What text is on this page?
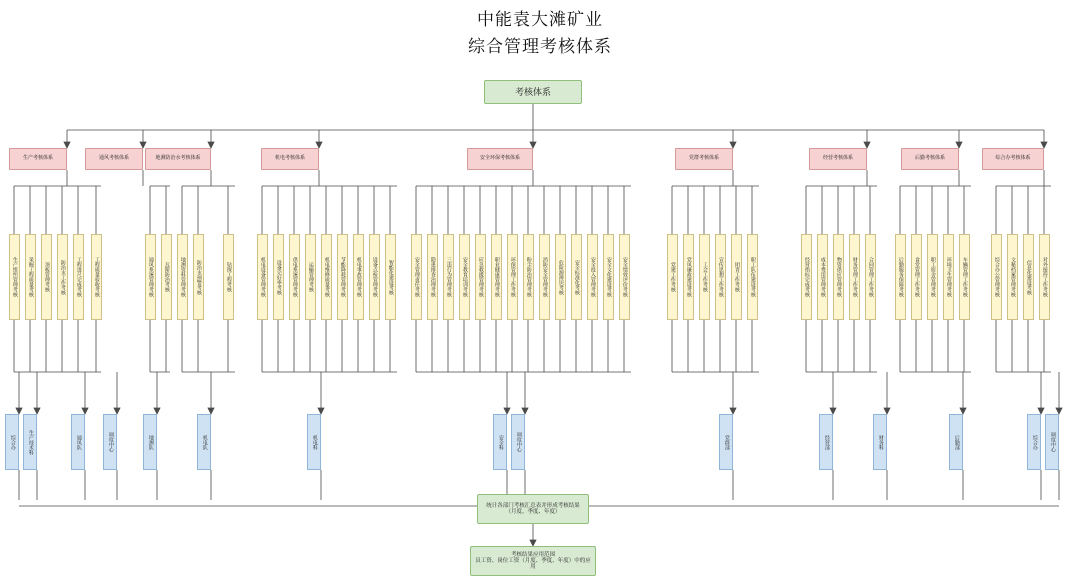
中能袁大滩矿业
综合管理考核体系
考核体系
生产考核体系	通风考核体系	地测防治水考核体系	机电考核体系	安全环保考核体系	党群考核体系	经营考核体系	后勤考核体系	综合办考核体系
生产组织管理考核	采掘工程质量考核	顶板管理考核	防治水工作考核	工程进尺完成考核	工程质量验收考核	通风系统管理考核	瓦斯防治考核	地测资料管理考核	防治水预警考核	钻探工程考核	机电设备管理考核	设备完好率考核	供电系统管理考核	运输管理考核	机电维修质量考核	节能降耗管理考核	机电事故管理考核	设备点检管理考核	智能化建设考核	安全管理责任考核	隐患排查治理考核	三违行为管理考核	安全教育培训考核	应急救援管理考核	职业健康管理考核	环保管理工作考核	粉尘防治管理考核	消防安全管理考核	危险源辨识考核	安全标准化考核	安全投入管理考核	安全文化建设考核	安全绩效评价考核	党建工作考核	党风廉政建设考核	工会工作考核	宣传思想工作考核	团青工作考核	职工队伍建设考核	经营指标完成考核	成本费用管理考核	物资供应管理考核	财务管理工作考核	合同管理工作考核	后勤服务保障考核	食堂管理工作考核	职工宿舍管理考核	环境卫生管理考核	车辆管理工作考核	综合办公管理考核	文秘档案管理考核	信息化建设考核	对外接待工作考核
综合办	生产技术科	通风队	调度中心	地测队	机电队	机电科	安全科	调度中心	党群部	经营部	财务科	后勤部	综合办	调度中心
统计各部门考核汇总表并形成考核结果
（月度、季度、年度）
考核结果应用范围
员工资、岗位工资（月度、季度、年度）中的应用
